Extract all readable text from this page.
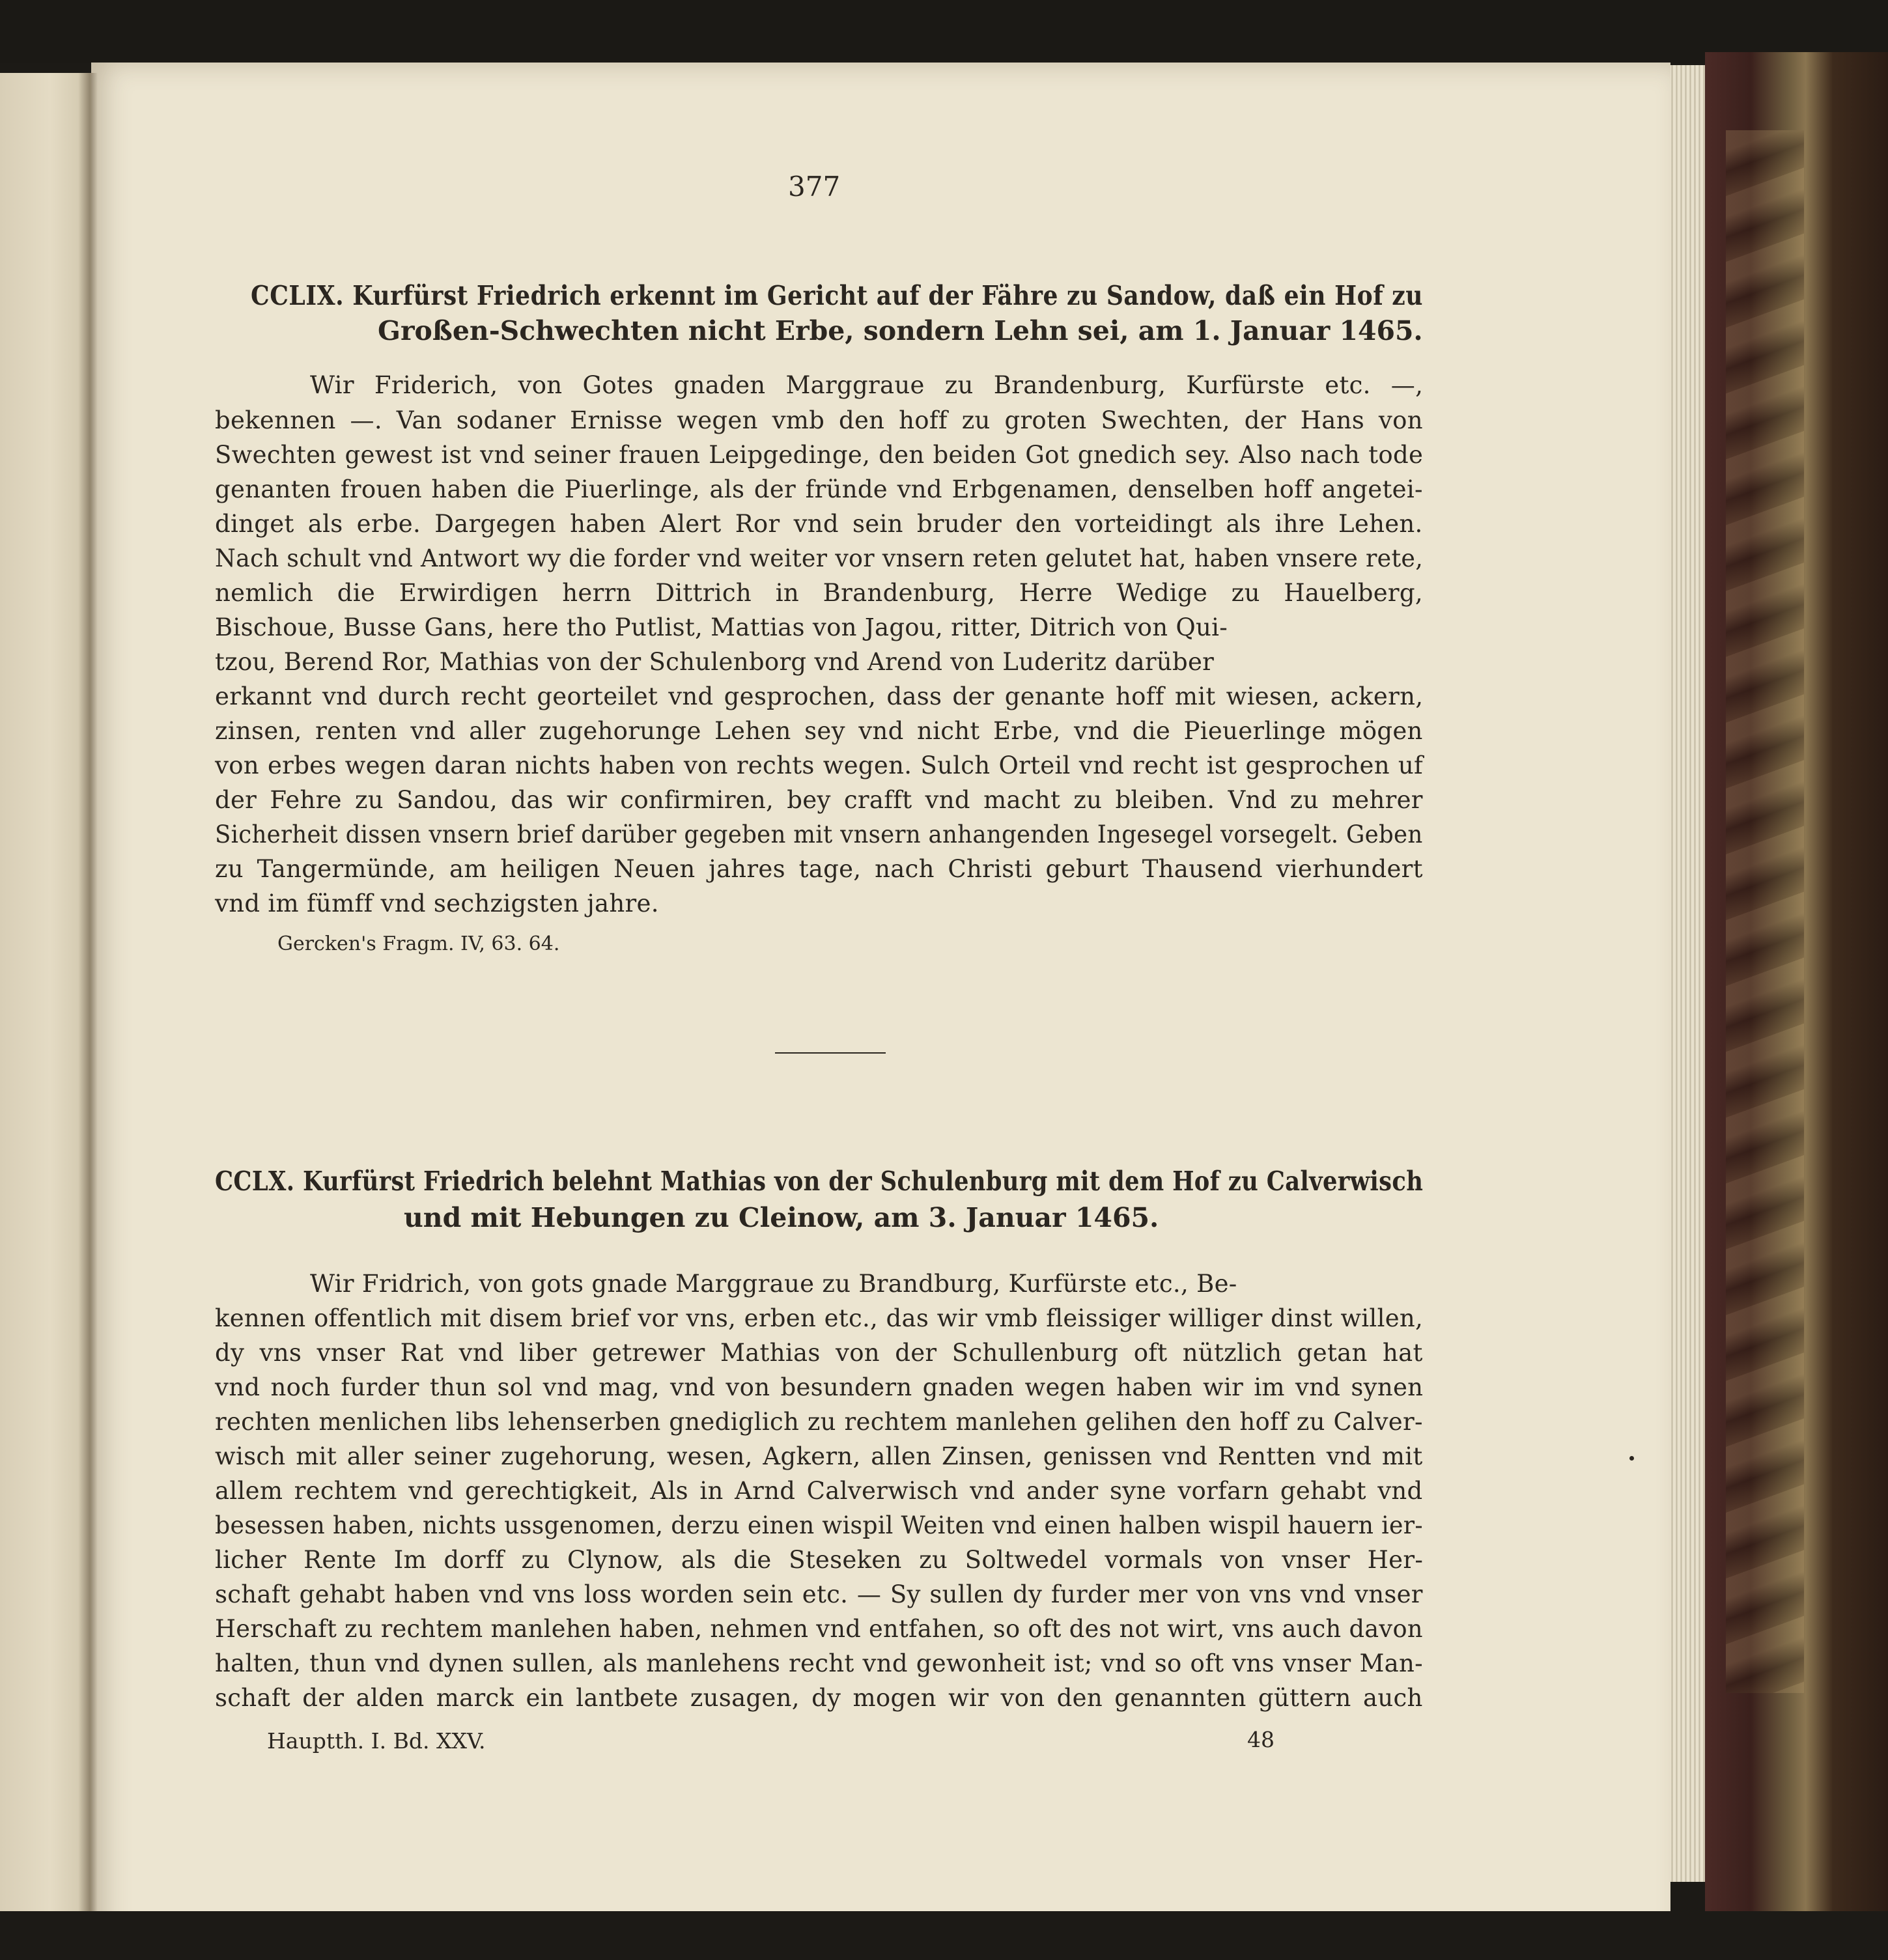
377
CCLIX. Kurfürst Friedrich erkennt im Gericht auf der Fähre zu Sandow, daß ein Hof zu
Großen-Schwechten nicht Erbe, sondern Lehn sei, am 1. Januar 1465.
Wir Friderich, von Gotes gnaden Marggraue zu Brandenburg, Kurfürste etc. —,
bekennen —. Van sodaner Ernisse wegen vmb den hoff zu groten Swechten, der Hans von
Swechten gewest ist vnd seiner frauen Leipgedinge, den beiden Got gnedich sey. Also nach tode
genanten frouen haben die Piuerlinge, als der fründe vnd Erbgenamen, denselben hoff angetei-
dinget als erbe. Dargegen haben Alert Ror vnd sein bruder den vorteidingt als ihre Lehen.
Nach schult vnd Antwort wy die forder vnd weiter vor vnsern reten gelutet hat, haben vnsere rete,
nemlich die Erwirdigen herrn Dittrich in Brandenburg, Herre Wedige zu Hauelberg,
Bischoue, Busse Gans, here tho Putlist, Mattias von Jagou, ritter, Ditrich von Qui-
tzou, Berend Ror, Mathias von der Schulenborg vnd Arend von Luderitz darüber
erkannt vnd durch recht georteilet vnd gesprochen, dass der genante hoff mit wiesen, ackern,
zinsen, renten vnd aller zugehorunge Lehen sey vnd nicht Erbe, vnd die Pieuerlinge mögen
von erbes wegen daran nichts haben von rechts wegen. Sulch Orteil vnd recht ist gesprochen uf
der Fehre zu Sandou, das wir confirmiren, bey crafft vnd macht zu bleiben. Vnd zu mehrer
Sicherheit dissen vnsern brief darüber gegeben mit vnsern anhangenden Ingesegel vorsegelt. Geben
zu Tangermünde, am heiligen Neuen jahres tage, nach Christi geburt Thausend vierhundert
vnd im fümff vnd sechzigsten jahre.
Gercken's Fragm. IV, 63. 64.
CCLX. Kurfürst Friedrich belehnt Mathias von der Schulenburg mit dem Hof zu Calverwisch
und mit Hebungen zu Cleinow, am 3. Januar 1465.
Wir Fridrich, von gots gnade Marggraue zu Brandburg, Kurfürste etc., Be-
kennen offentlich mit disem brief vor vns, erben etc., das wir vmb fleissiger williger dinst willen,
dy vns vnser Rat vnd liber getrewer Mathias von der Schullenburg oft nützlich getan hat
vnd noch furder thun sol vnd mag, vnd von besundern gnaden wegen haben wir im vnd synen
rechten menlichen libs lehenserben gnediglich zu rechtem manlehen gelihen den hoff zu Calver-
wisch mit aller seiner zugehorung, wesen, Agkern, allen Zinsen, genissen vnd Rentten vnd mit
allem rechtem vnd gerechtigkeit, Als in Arnd Calverwisch vnd ander syne vorfarn gehabt vnd
besessen haben, nichts ussgenomen, derzu einen wispil Weiten vnd einen halben wispil hauern ier-
licher Rente Im dorff zu Clynow, als die Steseken zu Soltwedel vormals von vnser Her-
schaft gehabt haben vnd vns loss worden sein etc. — Sy sullen dy furder mer von vns vnd vnser
Herschaft zu rechtem manlehen haben, nehmen vnd entfahen, so oft des not wirt, vns auch davon
halten, thun vnd dynen sullen, als manlehens recht vnd gewonheit ist; vnd so oft vns vnser Man-
schaft der alden marck ein lantbete zusagen, dy mogen wir von den genannten güttern auch
Hauptth. I. Bd. XXV.	48
